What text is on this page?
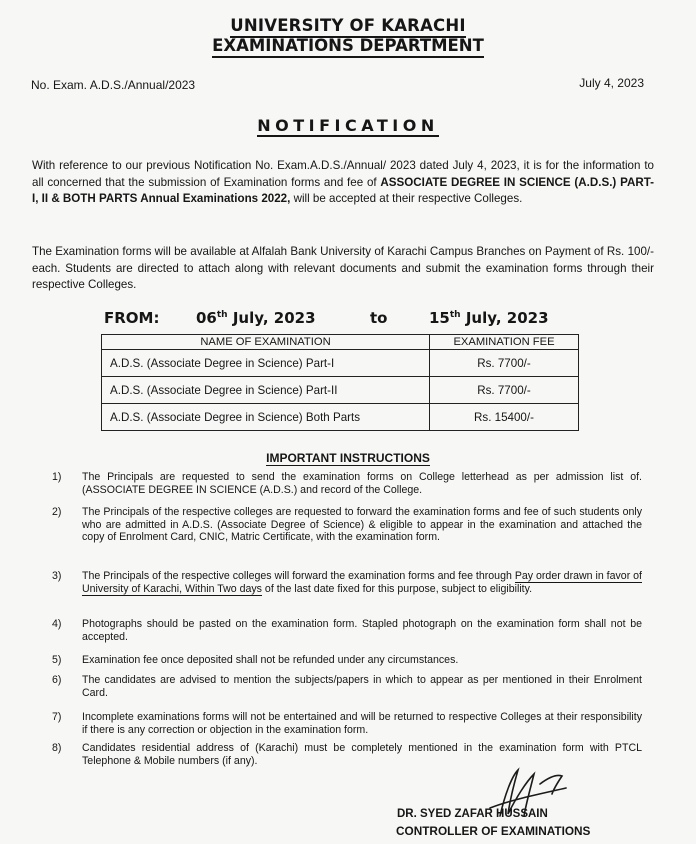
UNIVERSITY OF KARACHI
EXAMINATIONS DEPARTMENT
No. Exam. A.D.S./Annual/2023	July 4, 2023
NOTIFICATION

With reference to our previous Notification No. Exam.A.D.S./Annual/ 2023 dated July 4, 2023, it is for the information to all concerned that the submission of Examination forms and fee of ASSOCIATE DEGREE IN SCIENCE (A.D.S.) PART- I, II & BOTH PARTS Annual Examinations 2022, will be accepted at their respective Colleges.

The Examination forms will be available at Alfalah Bank University of Karachi Campus Branches on Payment of Rs. 100/- each. Students are directed to attach along with relevant documents and submit the examination forms through their respective Colleges.

FROM: 06th July, 2023	to	15th July, 2023
NAME OF EXAMINATION	EXAMINATION FEE
A.D.S. (Associate Degree in Science) Part-I	Rs. 7700/-
A.D.S. (Associate Degree in Science) Part-II	Rs. 7700/-
A.D.S. (Associate Degree in Science) Both Parts	Rs. 15400/-
IMPORTANT INSTRUCTIONS
1)	The Principals are requested to send the examination forms on College letterhead as per admission list of. (ASSOCIATE DEGREE IN SCIENCE (A.D.S.) and record of the College.
2)	The Principals of the respective colleges are requested to forward the examination forms and fee of such students only who are admitted in A.D.S. (Associate Degree of Science) & eligible to appear in the examination and attached the copy of Enrolment Card, CNIC, Matric Certificate, with the examination form.
3)	The Principals of the respective colleges will forward the examination forms and fee through Pay order drawn in favor of University of Karachi, Within Two days of the last date fixed for this purpose, subject to eligibility.
4)	Photographs should be pasted on the examination form. Stapled photograph on the examination form shall not be accepted.
5)	Examination fee once deposited shall not be refunded under any circumstances.
6)	The candidates are advised to mention the subjects/papers in which to appear as per mentioned in their Enrolment Card.
7)	Incomplete examinations forms will not be entertained and will be returned to respective Colleges at their responsibility if there is any correction or objection in the examination form.
8)	Candidates residential address of (Karachi) must be completely mentioned in the examination form with PTCL Telephone & Mobile numbers (if any).
DR. SYED ZAFAR HUSSAIN
CONTROLLER OF EXAMINATIONS
